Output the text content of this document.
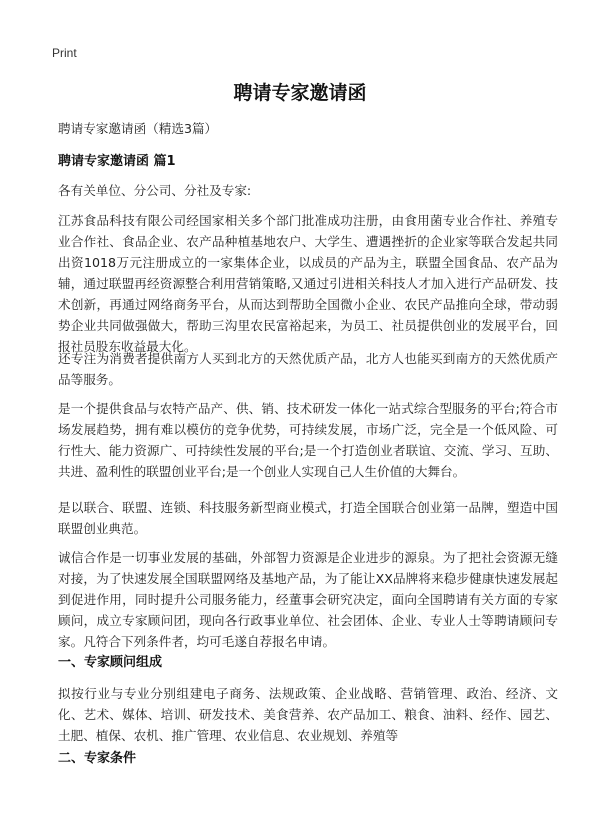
Print
聘请专家邀请函
聘请专家邀请函（精选3篇）
聘请专家邀请函 篇1
各有关单位、分公司、分社及专家:
江苏食品科技有限公司经国家相关多个部门批准成功注册，由食用菌专业合作社、养殖专业合作社、食品企业、农产品种植基地农户、大学生、遭遇挫折的企业家等联合发起共同出资1018万元注册成立的一家集体企业，以成员的产品为主，联盟全国食品、农产品为辅，通过联盟再经资源整合利用营销策略,又通过引进相关科技人才加入进行产品研发、技术创新，再通过网络商务平台，从而达到帮助全国微小企业、农民产品推向全球，带动弱势企业共同做强做大，帮助三沟里农民富裕起来，为员工、社员提供创业的发展平台，回报社员股东收益最大化。
还专注为消费者提供南方人买到北方的天然优质产品，北方人也能买到南方的天然优质产品等服务。
是一个提供食品与农特产品产、供、销、技术研发一体化一站式综合型服务的平台;符合市场发展趋势，拥有难以模仿的竞争优势，可持续发展，市场广泛，完全是一个低风险、可行性大、能力资源广、可持续性发展的平台;是一个打造创业者联谊、交流、学习、互助、共进、盈利性的联盟创业平台;是一个创业人实现自己人生价值的大舞台。
是以联合、联盟、连锁、科技服务新型商业模式，打造全国联合创业第一品牌，塑造中国联盟创业典范。
诚信合作是一切事业发展的基础，外部智力资源是企业进步的源泉。为了把社会资源无缝对接，为了快速发展全国联盟网络及基地产品，为了能让XX品牌将来稳步健康快速发展起到促进作用，同时提升公司服务能力，经董事会研究决定，面向全国聘请有关方面的专家顾问，成立专家顾问团，现向各行政事业单位、社会团体、企业、专业人士等聘请顾问专家。凡符合下列条件者，均可毛遂自荐报名申请。
一、专家顾问组成
拟按行业与专业分别组建电子商务、法规政策、企业战略、营销管理、政治、经济、文化、艺术、媒体、培训、研发技术、美食营养、农产品加工、粮食、油料、经作、园艺、土肥、植保、农机、推广管理、农业信息、农业规划、养殖等
二、专家条件
